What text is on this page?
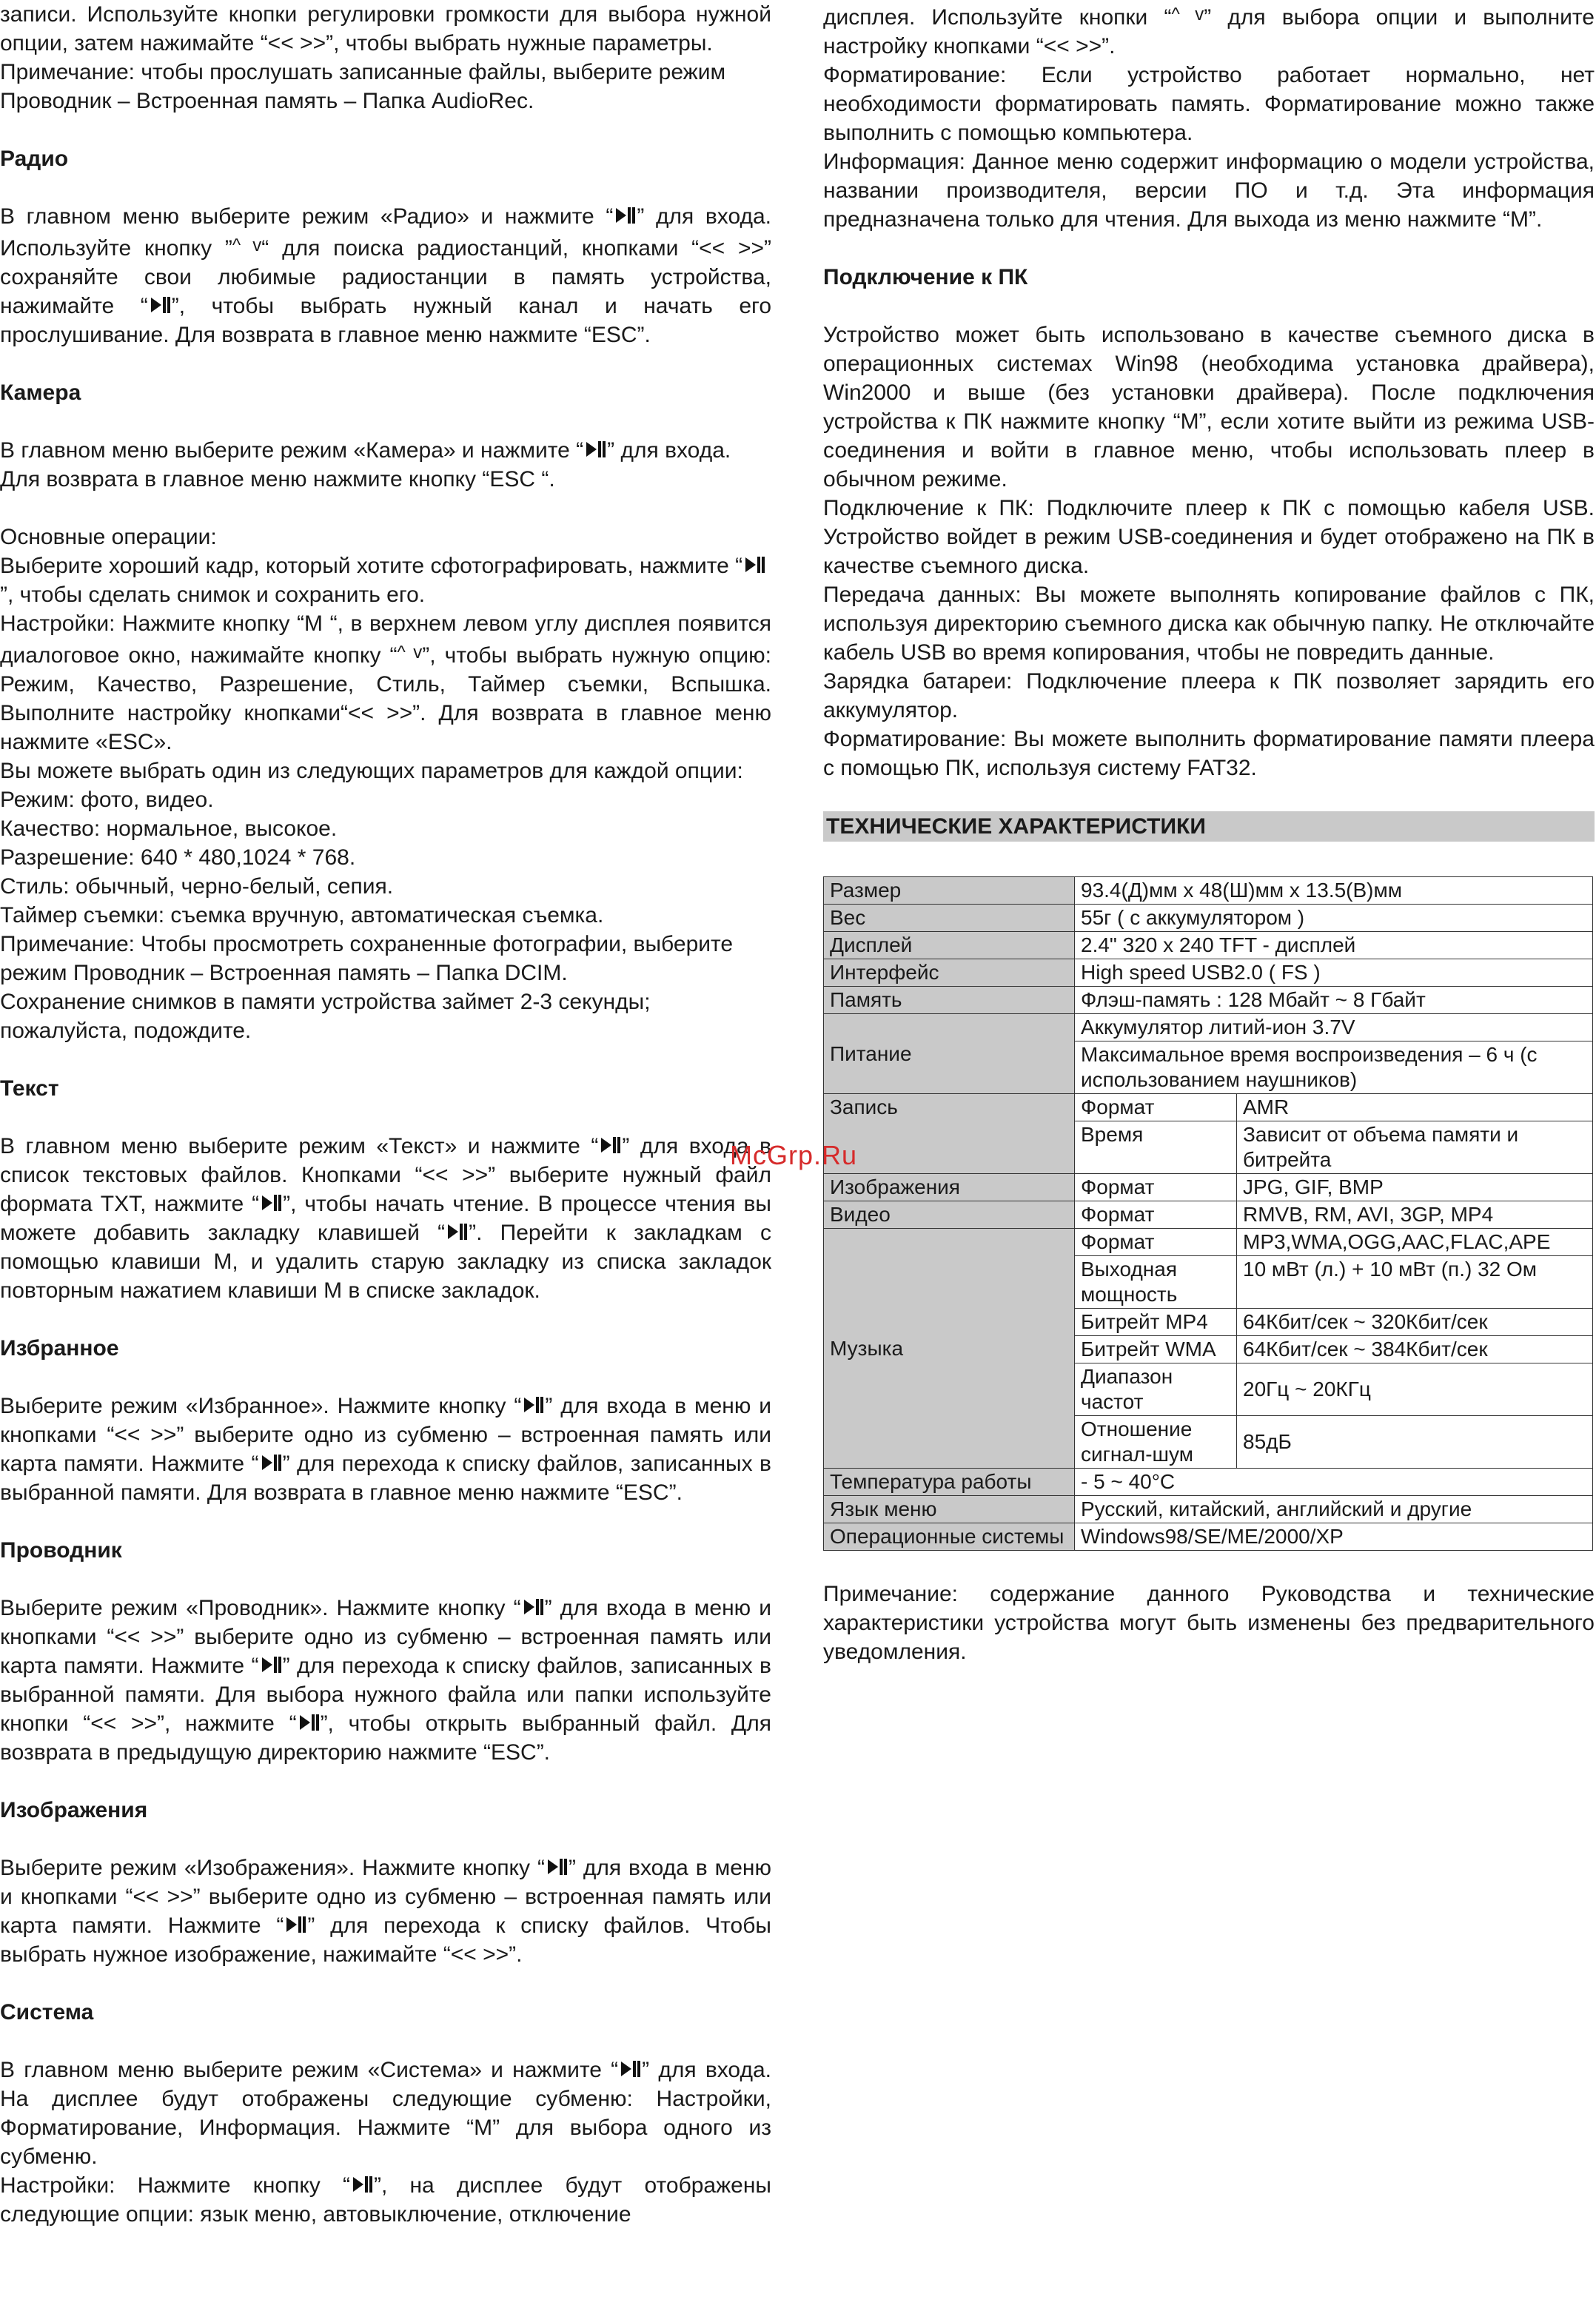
записи. Используйте кнопки регулировки громкости для выбора нужной опции, затем нажимайте “<< >>”, чтобы выбрать нужные параметры.

Примечание: чтобы прослушать записанные файлы, выберите режим Проводник – Встроенная память – Папка AudioRec.

Радио

В главном меню выберите режим «Радио» и нажмите “ ” для входа. Используйте кнопку ”$^{\^{} v}$“ для поиска радиостанций, кнопками “<< >>” сохраняйте свои любимые радиостанции в память устройства, нажимайте “ ”, чтобы выбрать нужный канал и начать его прослушивание. Для возврата в главное меню нажмите “ESC”.

Камера

В главном меню выберите режим «Камера» и нажмите “ ” для входа. Для возврата в главное меню нажмите кнопку “ESC “.

Основные операции:

Выберите хороший кадр, который хотите сфотографировать, нажмите “
”, чтобы сделать снимок и сохранить его.

Настройки: Нажмите кнопку “M “, в верхнем левом углу дисплея появится диалоговое окно, нажимайте кнопку “$^{\^{} v}$”, чтобы выбрать нужную опцию: Режим, Качество, Разрешение, Стиль, Таймер съемки, Вспышка. Выполните настройку кнопками“<< >>”. Для возврата в главное меню нажмите «ESC».

Вы можете выбрать один из следующих параметров для каждой опции:

Режим: фото, видео.

Качество: нормальное, высокое.

Разрешение: 640 * 480,1024 * 768.

Стиль: обычный, черно-белый, сепия.

Таймер съемки: съемка вручную, автоматическая съемка.

Примечание: Чтобы просмотреть сохраненные фотографии, выберите режим Проводник – Встроенная память – Папка DCIM.

Сохранение снимков в памяти устройства займет 2-3 секунды; пожалуйста, подождите.

Текст

В главном меню выберите режим «Текст» и нажмите “ ” для входа в список текстовых файлов. Кнопками “<< >>” выберите нужный файл формата TXT, нажмите “ ”, чтобы начать чтение. В процессе чтения вы можете добавить закладку клавишей “ ”. Перейти к закладкам с помощью клавиши M, и удалить старую закладку из списка закладок повторным нажатием клавиши M в списке закладок.

Избранное

Выберите режим «Избранное». Нажмите кнопку “ ” для входа в меню и кнопками “<< >>” выберите одно из субменю – встроенная память или карта памяти. Нажмите “ ” для перехода к списку файлов, записанных в выбранной памяти. Для возврата в главное меню нажмите “ESC”.

Проводник

Выберите режим «Проводник». Нажмите кнопку “ ” для входа в меню и кнопками “<< >>” выберите одно из субменю – встроенная память или карта памяти. Нажмите “ ” для перехода к списку файлов, записанных в выбранной памяти. Для выбора нужного файла или папки используйте кнопки “<< >>”, нажмите “ ”, чтобы открыть выбранный файл. Для возврата в предыдущую директорию нажмите “ESC”.

Изображения

Выберите режим «Изображения». Нажмите кнопку “ ” для входа в меню и кнопками “<< >>” выберите одно из субменю – встроенная память или карта памяти. Нажмите “ ” для перехода к списку файлов. Чтобы выбрать нужное изображение, нажимайте “<< >>”.

Система

В главном меню выберите режим «Система» и нажмите “ ” для входа. На дисплее будут отображены следующие субменю: Настройки, Форматирование, Информация. Нажмите “M” для выбора одного из субменю.

Настройки: Нажмите кнопку “ ”, на дисплее будут отображены следующие опции: язык меню, автовыключение, отключение

дисплея. Используйте кнопки “$^{\^{} v}$” для выбора опции и выполните настройку кнопками “<< >>”.

Форматирование: Если устройство работает нормально, нет необходимости форматировать память. Форматирование можно также выполнить с помощью компьютера.

Информация: Данное меню содержит информацию о модели устройства, названии производителя, версии ПО и т.д. Эта информация предназначена только для чтения. Для выхода из меню нажмите “M”.

Подключение к ПК

Устройство может быть использовано в качестве съемного диска в операционных системах Win98 (необходима установка драйвера), Win2000 и выше (без установки драйвера). После подключения устройства к ПК нажмите кнопку “M”, если хотите выйти из режима USB-соединения и войти в главное меню, чтобы использовать плеер в обычном режиме.

Подключение к ПК: Подключите плеер к ПК с помощью кабеля USB. Устройство войдет в режим USB-соединения и будет отображено на ПК в качестве съемного диска.

Передача данных: Вы можете выполнять копирование файлов с ПК, используя директорию съемного диска как обычную папку. Не отключайте кабель USB во время копирования, чтобы не повредить данные.

Зарядка батареи: Подключение плеера к ПК позволяет зарядить его аккумулятор.

Форматирование: Вы можете выполнить форматирование памяти плеера с помощью ПК, используя систему FAT32.

ТЕХНИЧЕСКИЕ ХАРАКТЕРИСТИКИ

Размер	93.4(Д)мм x 48(Ш)мм x 13.5(В)мм	
Вес	55г ( с аккумулятором )	
Дисплей	2.4" 320 x 240 TFT - дисплей	
Интерфейс	High speed USB2.0 ( FS )	
Память	Флэш-память : 128 Мбайт ~ 8 Гбайт	
Питание	Аккумулятор литий-ион 3.7V	
	Максимальное время воспроизведения – 6 ч (с использованием наушников)	
Запись	Формат	AMR
	Время	Зависит от объема памяти и битрейта
Изображения	Формат	JPG, GIF, BMP
Видео	Формат	RMVB, RM, AVI, 3GP, MP4
Музыка	Формат	MP3,WMA,OGG,AAC,FLAC,APE
	Выходная мощность	10 мВт (л.) + 10 мВт (п.) 32 Ом
	Битрейт MP4	64Кбит/сек ~ 320Кбит/сек
	Битрейт WMA	64Кбит/сек ~ 384Кбит/сек
	Диапазон частот	20Гц ~ 20КГц
	Отношение сигнал-шум	85дБ
Температура работы	- 5 ~ 40°C	
Язык меню	Русский, китайский, английский и другие	
Операционные системы	Windows98/SE/ME/2000/XP	

Примечание: содержание данного Руководства и технические характеристики устройства могут быть изменены без предварительного уведомления.

McGrp.Ru
